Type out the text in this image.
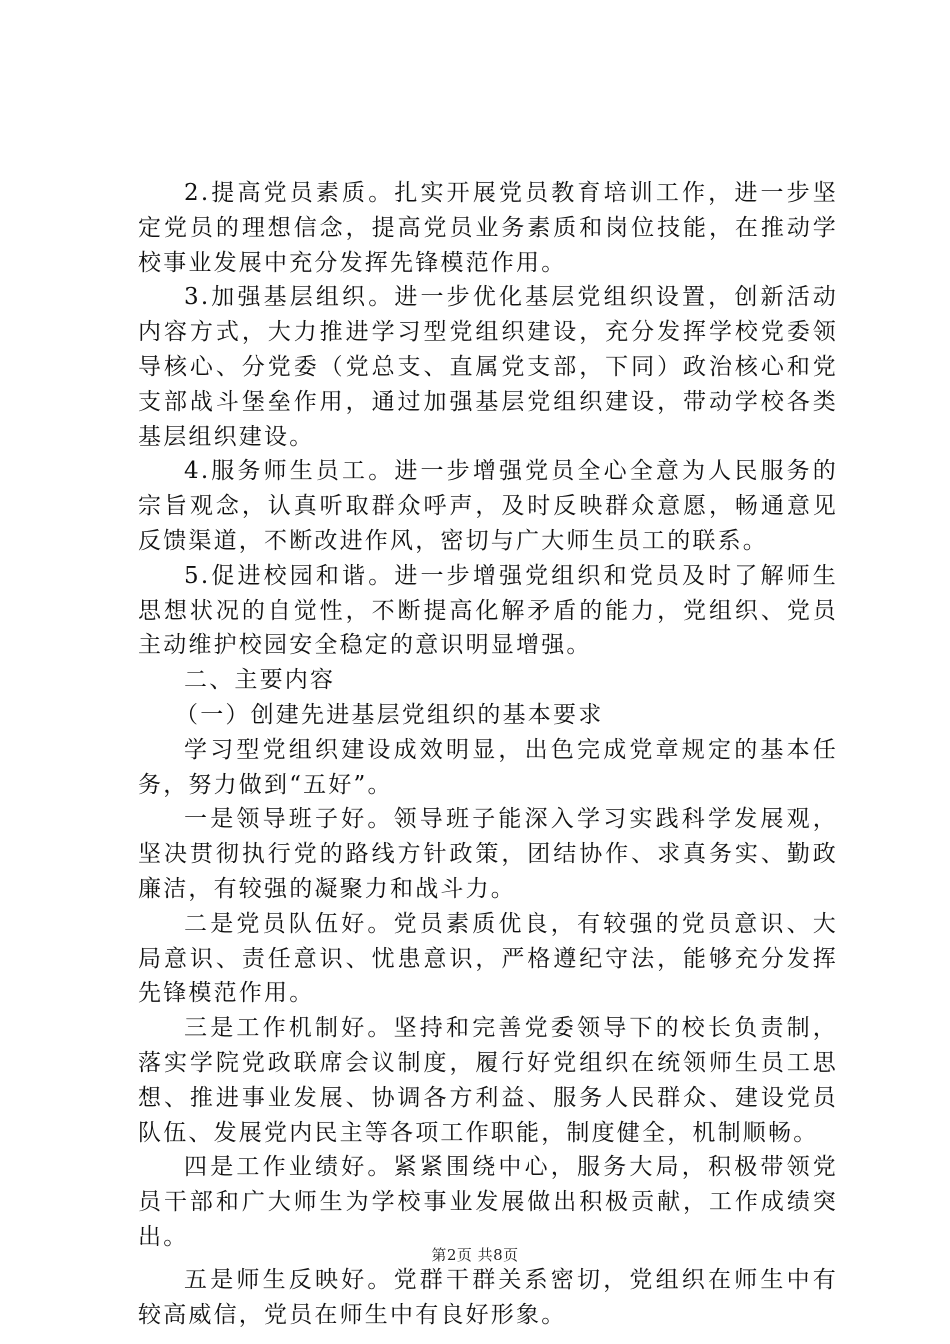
2.提高党员素质。扎实开展党员教育培训工作，进一步坚定党员的理想信念，提高党员业务素质和岗位技能，在推动学校事业发展中充分发挥先锋模范作用。

3.加强基层组织。进一步优化基层党组织设置，创新活动内容方式，大力推进学习型党组织建设，充分发挥学校党委领导核心、分党委（党总支、直属党支部，下同）政治核心和党支部战斗堡垒作用，通过加强基层党组织建设，带动学校各类基层组织建设。

4.服务师生员工。进一步增强党员全心全意为人民服务的宗旨观念，认真听取群众呼声，及时反映群众意愿，畅通意见反馈渠道，不断改进作风，密切与广大师生员工的联系。

5.促进校园和谐。进一步增强党组织和党员及时了解师生思想状况的自觉性，不断提高化解矛盾的能力，党组织、党员主动维护校园安全稳定的意识明显增强。

二、主要内容

（一）创建先进基层党组织的基本要求

学习型党组织建设成效明显，出色完成党章规定的基本任务，努力做到“五好”。

一是领导班子好。领导班子能深入学习实践科学发展观，坚决贯彻执行党的路线方针政策，团结协作、求真务实、勤政廉洁，有较强的凝聚力和战斗力。

二是党员队伍好。党员素质优良，有较强的党员意识、大局意识、责任意识、忧患意识，严格遵纪守法，能够充分发挥先锋模范作用。

三是工作机制好。坚持和完善党委领导下的校长负责制，落实学院党政联席会议制度，履行好党组织在统领师生员工思想、推进事业发展、协调各方利益、服务人民群众、建设党员队伍、发展党内民主等各项工作职能，制度健全，机制顺畅。

四是工作业绩好。紧紧围绕中心，服务大局，积极带领党员干部和广大师生为学校事业发展做出积极贡献，工作成绩突出。

五是师生反映好。党群干群关系密切，党组织在师生中有较高威信，党员在师生中有良好形象。

第2页 共8页
